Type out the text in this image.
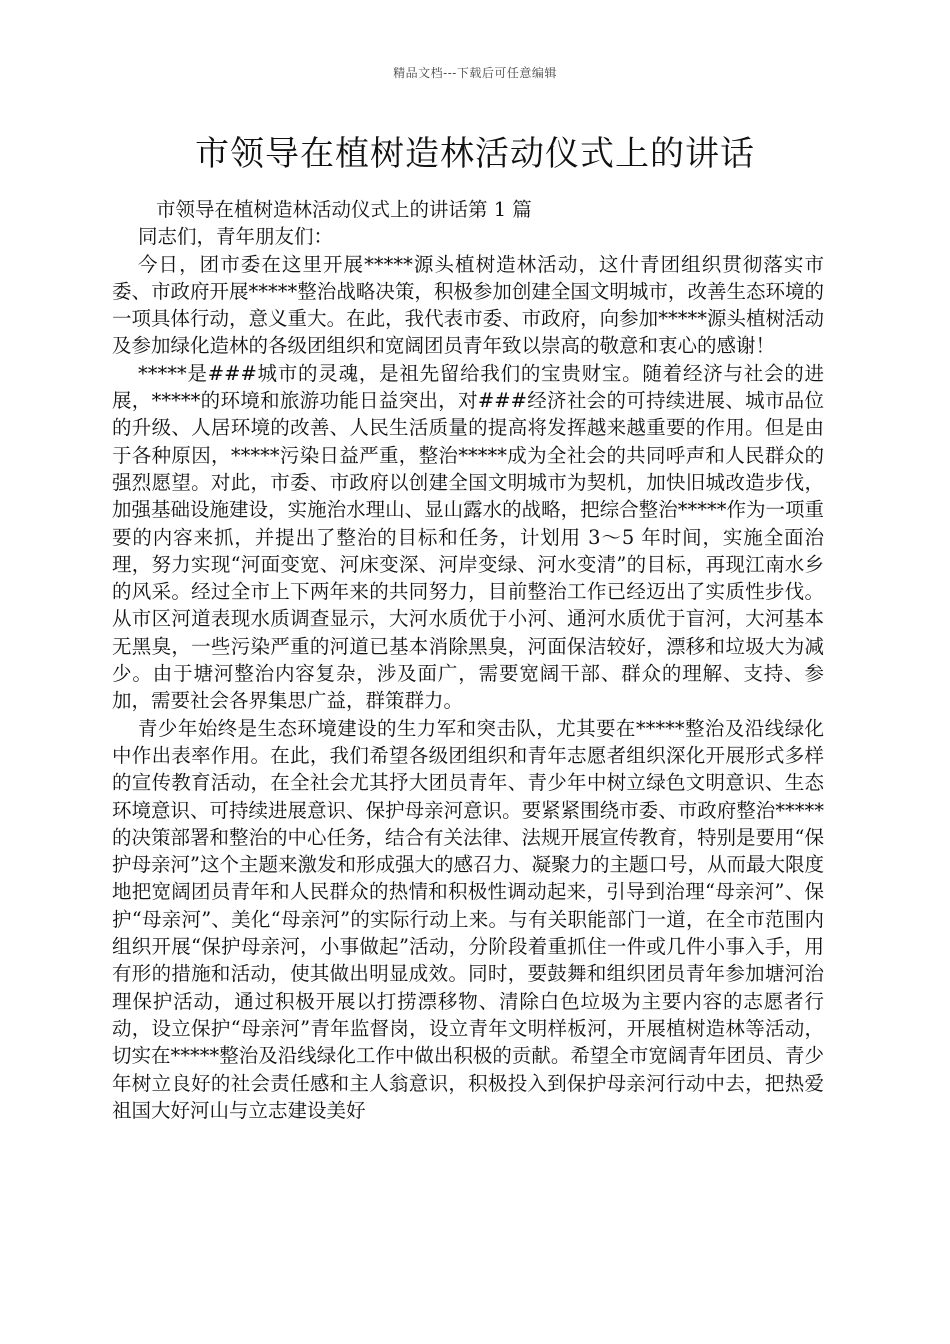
精品文档---下载后可任意编辑
市领导在植树造林活动仪式上的讲话

市领导在植树造林活动仪式上的讲话第 1 篇

同志们，青年朋友们：

今日，团市委在这里开展*****源头植树造林活动，这什青团组织贯彻落实市委、市政府开展*****整治战略决策，积极参加创建全国文明城市，改善生态环境的一项具体行动，意义重大。在此，我代表市委、市政府，向参加*****源头植树活动及参加绿化造林的各级团组织和宽阔团员青年致以崇高的敬意和衷心的感谢！

*****是###城市的灵魂，是祖先留给我们的宝贵财宝。随着经济与社会的进展，*****的环境和旅游功能日益突出，对###经济社会的可持续进展、城市品位的升级、人居环境的改善、人民生活质量的提高将发挥越来越重要的作用。但是由于各种原因，*****污染日益严重，整治*****成为全社会的共同呼声和人民群众的强烈愿望。对此，市委、市政府以创建全国文明城市为契机，加快旧城改造步伐，加强基础设施建设，实施治水理山、显山露水的战略，把综合整治*****作为一项重要的内容来抓，并提出了整治的目标和任务，计划用 3～5 年时间，实施全面治理，努力实现“河面变宽、河床变深、河岸变绿、河水变清”的目标，再现江南水乡的风采。经过全市上下两年来的共同努力，目前整治工作已经迈出了实质性步伐。从市区河道表现水质调查显示，大河水质优于小河、通河水质优于盲河，大河基本无黑臭，一些污染严重的河道已基本消除黑臭，河面保洁较好，漂移和垃圾大为减少。由于塘河整治内容复杂，涉及面广，需要宽阔干部、群众的理解、支持、参加，需要社会各界集思广益，群策群力。

青少年始终是生态环境建设的生力军和突击队，尤其要在*****整治及沿线绿化中作出表率作用。在此，我们希望各级团组织和青年志愿者组织深化开展形式多样的宣传教育活动，在全社会尤其抒大团员青年、青少年中树立绿色文明意识、生态环境意识、可持续进展意识、保护母亲河意识。要紧紧围绕市委、市政府整治*****的决策部署和整治的中心任务，结合有关法律、法规开展宣传教育，特别是要用“保护母亲河”这个主题来激发和形成强大的感召力、凝聚力的主题口号，从而最大限度地把宽阔团员青年和人民群众的热情和积极性调动起来，引导到治理“母亲河”、保护“母亲河”、美化“母亲河”的实际行动上来。与有关职能部门一道，在全市范围内组织开展“保护母亲河，小事做起”活动，分阶段着重抓住一件或几件小事入手，用有形的措施和活动，使其做出明显成效。同时，要鼓舞和组织团员青年参加塘河治理保护活动，通过积极开展以打捞漂移物、清除白色垃圾为主要内容的志愿者行动，设立保护“母亲河”青年监督岗，设立青年文明样板河，开展植树造林等活动，切实在*****整治及沿线绿化工作中做出积极的贡献。希望全市宽阔青年团员、青少年树立良好的社会责任感和主人翁意识，积极投入到保护母亲河行动中去，把热爱祖国大好河山与立志建设美好
